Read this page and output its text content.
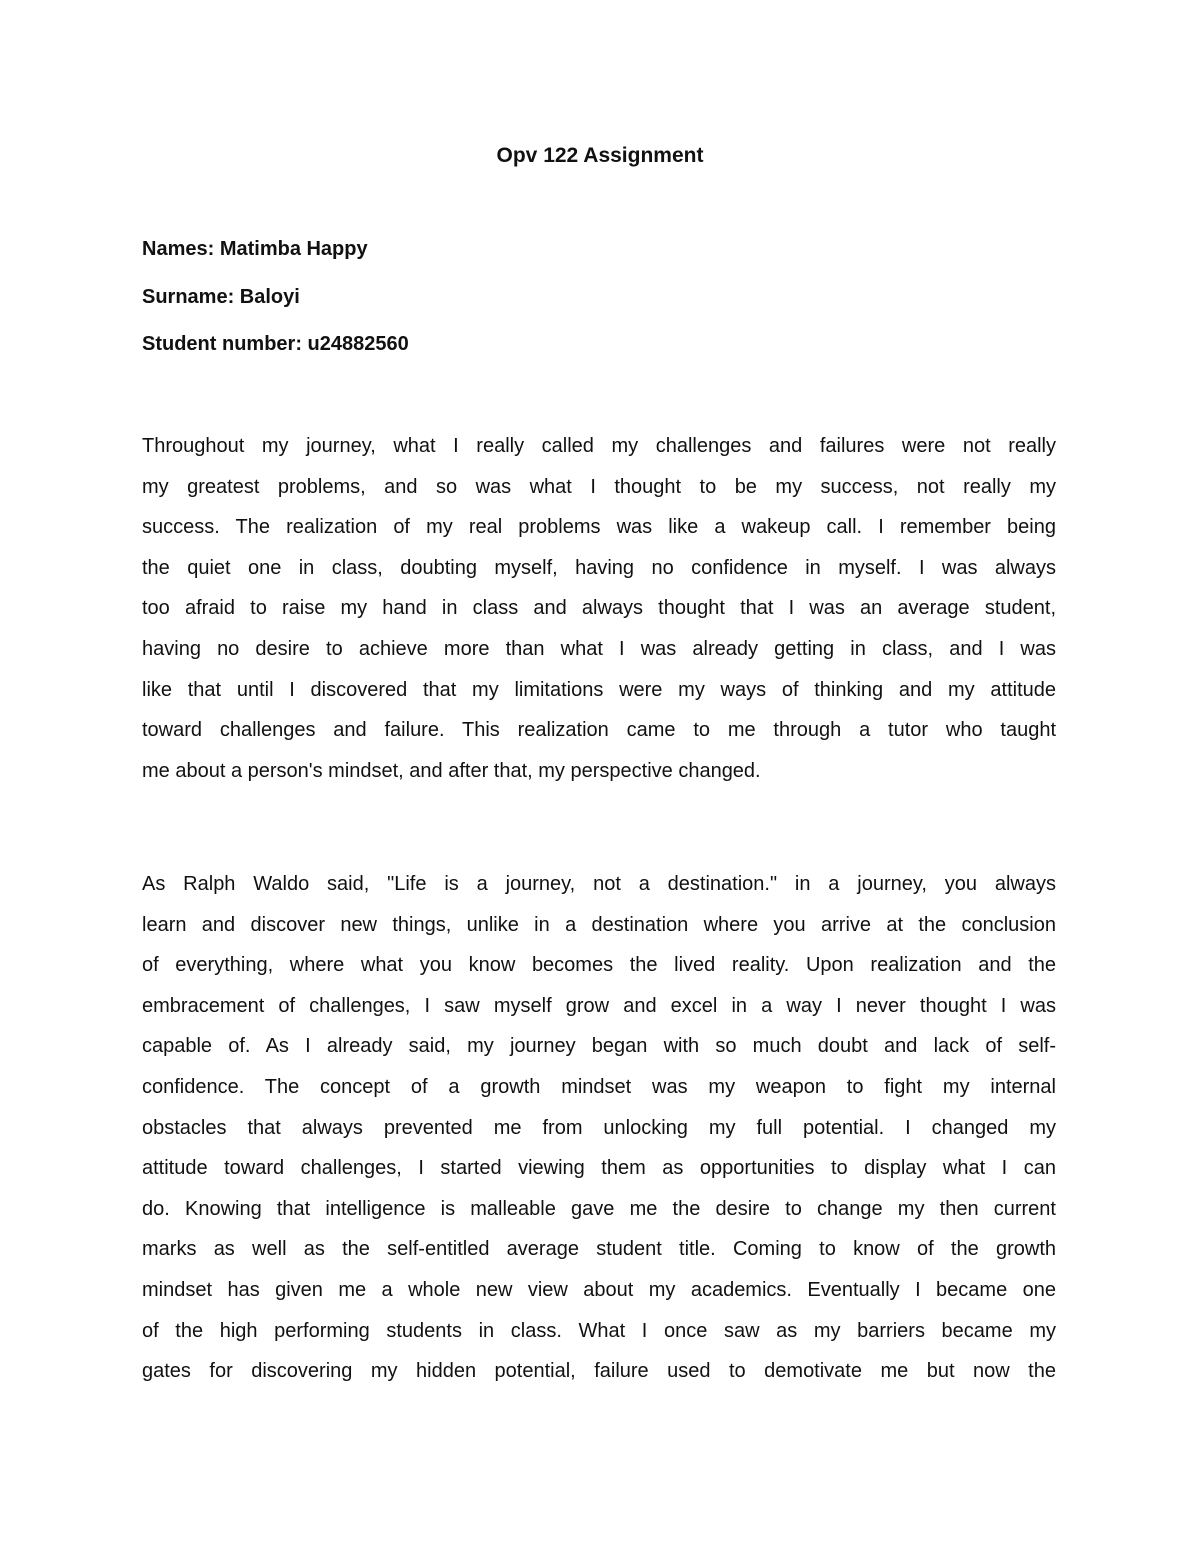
Opv 122 Assignment
Names: Matimba Happy
Surname: Baloyi
Student number: u24882560
Throughout my journey, what I really called my challenges and failures were not really
my greatest problems, and so was what I thought to be my success, not really my
success. The realization of my real problems was like a wakeup call. I remember being
the quiet one in class, doubting myself, having no confidence in myself. I was always
too afraid to raise my hand in class and always thought that I was an average student,
having no desire to achieve more than what I was already getting in class, and I was
like that until I discovered that my limitations were my ways of thinking and my attitude
toward challenges and failure. This realization came to me through a tutor who taught
me about a person's mindset, and after that, my perspective changed.
As Ralph Waldo said, "Life is a journey, not a destination." in a journey, you always
learn and discover new things, unlike in a destination where you arrive at the conclusion
of everything, where what you know becomes the lived reality. Upon realization and the
embracement of challenges, I saw myself grow and excel in a way I never thought I was
capable of. As I already said, my journey began with so much doubt and lack of self-
confidence. The concept of a growth mindset was my weapon to fight my internal
obstacles that always prevented me from unlocking my full potential. I changed my
attitude toward challenges, I started viewing them as opportunities to display what I can
do. Knowing that intelligence is malleable gave me the desire to change my then current
marks as well as the self-entitled average student title. Coming to know of the growth
mindset has given me a whole new view about my academics. Eventually I became one
of the high performing students in class. What I once saw as my barriers became my
gates for discovering my hidden potential, failure used to demotivate me but now the
